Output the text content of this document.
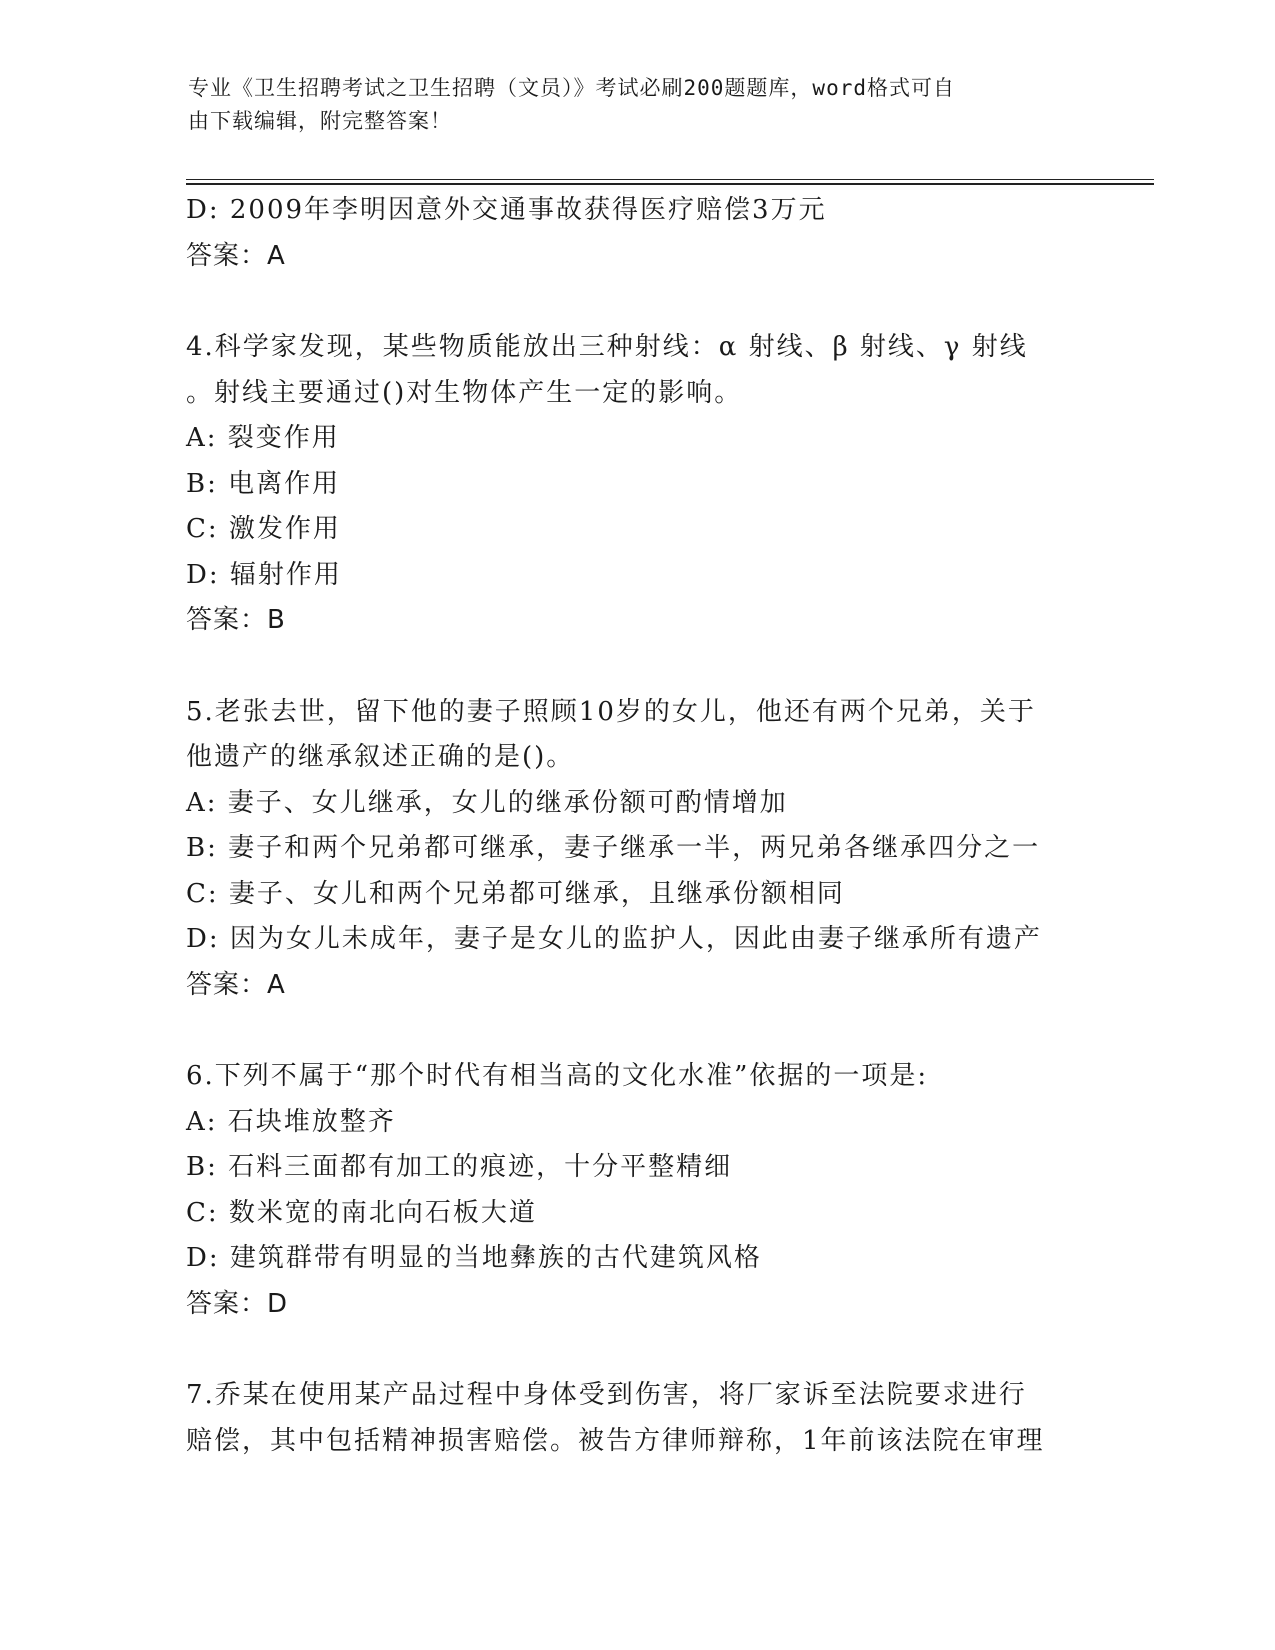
专业《卫生招聘考试之卫生招聘（文员）》考试必刷200题题库，word格式可自
由下载编辑，附完整答案！
D: 2009年李明因意外交通事故获得医疗赔偿3万元
答案：A
4.科学家发现，某些物质能放出三种射线：α 射线、β 射线、γ 射线
。射线主要通过()对生物体产生一定的影响。
A: 裂变作用
B: 电离作用
C: 激发作用
D: 辐射作用
答案：B
5.老张去世，留下他的妻子照顾10岁的女儿，他还有两个兄弟，关于
他遗产的继承叙述正确的是()。
A: 妻子、女儿继承，女儿的继承份额可酌情增加
B: 妻子和两个兄弟都可继承，妻子继承一半，两兄弟各继承四分之一
C: 妻子、女儿和两个兄弟都可继承，且继承份额相同
D: 因为女儿未成年，妻子是女儿的监护人，因此由妻子继承所有遗产
答案：A
6.下列不属于“那个时代有相当高的文化水准”依据的一项是:
A: 石块堆放整齐
B: 石料三面都有加工的痕迹，十分平整精细
C: 数米宽的南北向石板大道
D: 建筑群带有明显的当地彝族的古代建筑风格
答案：D
7.乔某在使用某产品过程中身体受到伤害，将厂家诉至法院要求进行
赔偿，其中包括精神损害赔偿。被告方律师辩称，1年前该法院在审理
